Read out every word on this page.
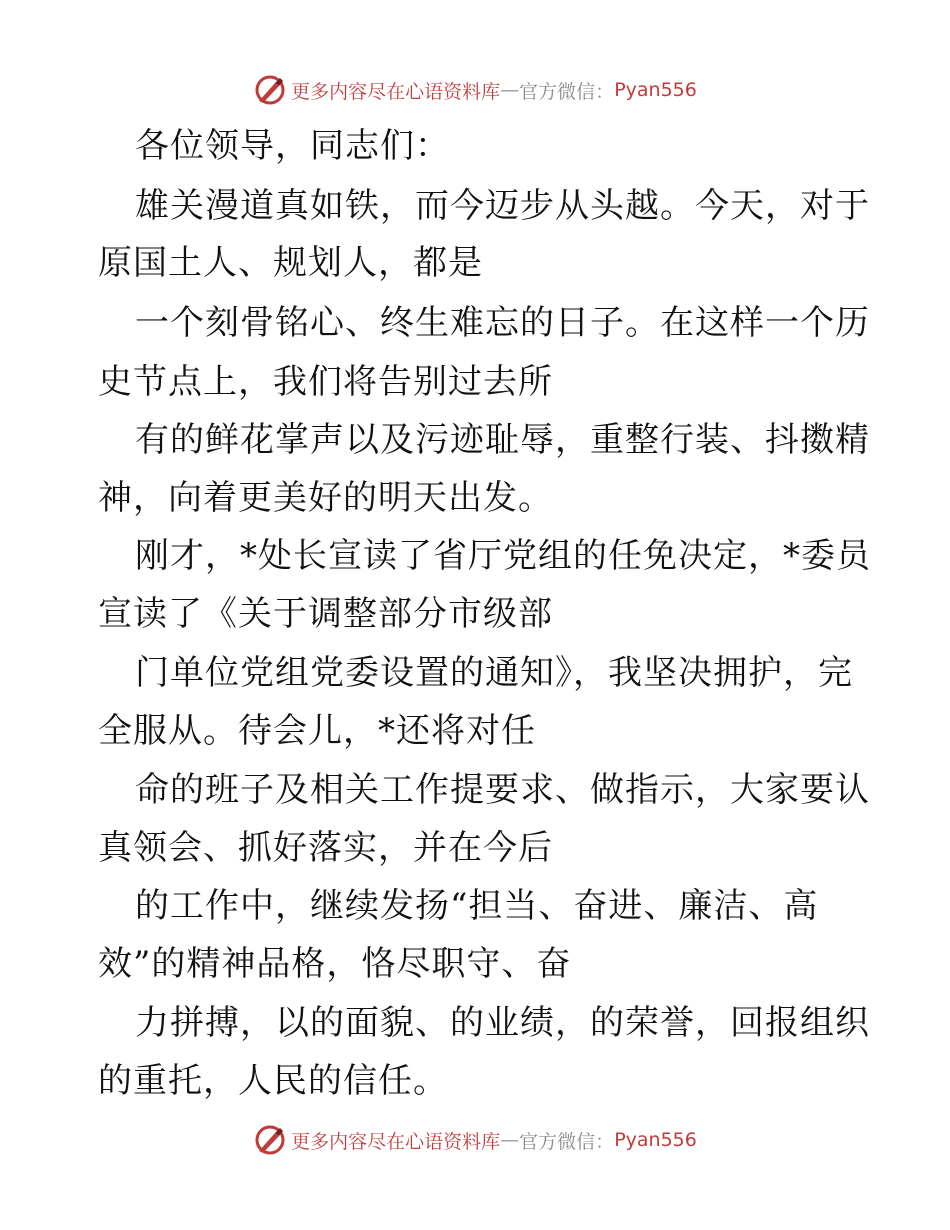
更多内容尽在心语资料库 — 官方微信： Pyan556
各位领导，同志们：
雄关漫道真如铁，而今迈步从头越。今天，对于
原国土人、规划人，都是
一个刻骨铭心、终生难忘的日子。在这样一个历
史节点上，我们将告别过去所
有的鲜花掌声以及污迹耻辱，重整行装、抖擞精
神，向着更美好的明天出发。
刚才，*处长宣读了省厅党组的任免决定，*委员
宣读了《关于调整部分市级部
门单位党组党委设置的通知》，我坚决拥护，完
全服从。待会儿，*还将对任
命的班子及相关工作提要求、做指示，大家要认
真领会、抓好落实，并在今后
的工作中，继续发扬“担当、奋进、廉洁、高
效”的精神品格，恪尽职守、奋
力拼搏，以的面貌、的业绩，的荣誉，回报组织
的重托，人民的信任。
更多内容尽在心语资料库 — 官方微信： Pyan556
